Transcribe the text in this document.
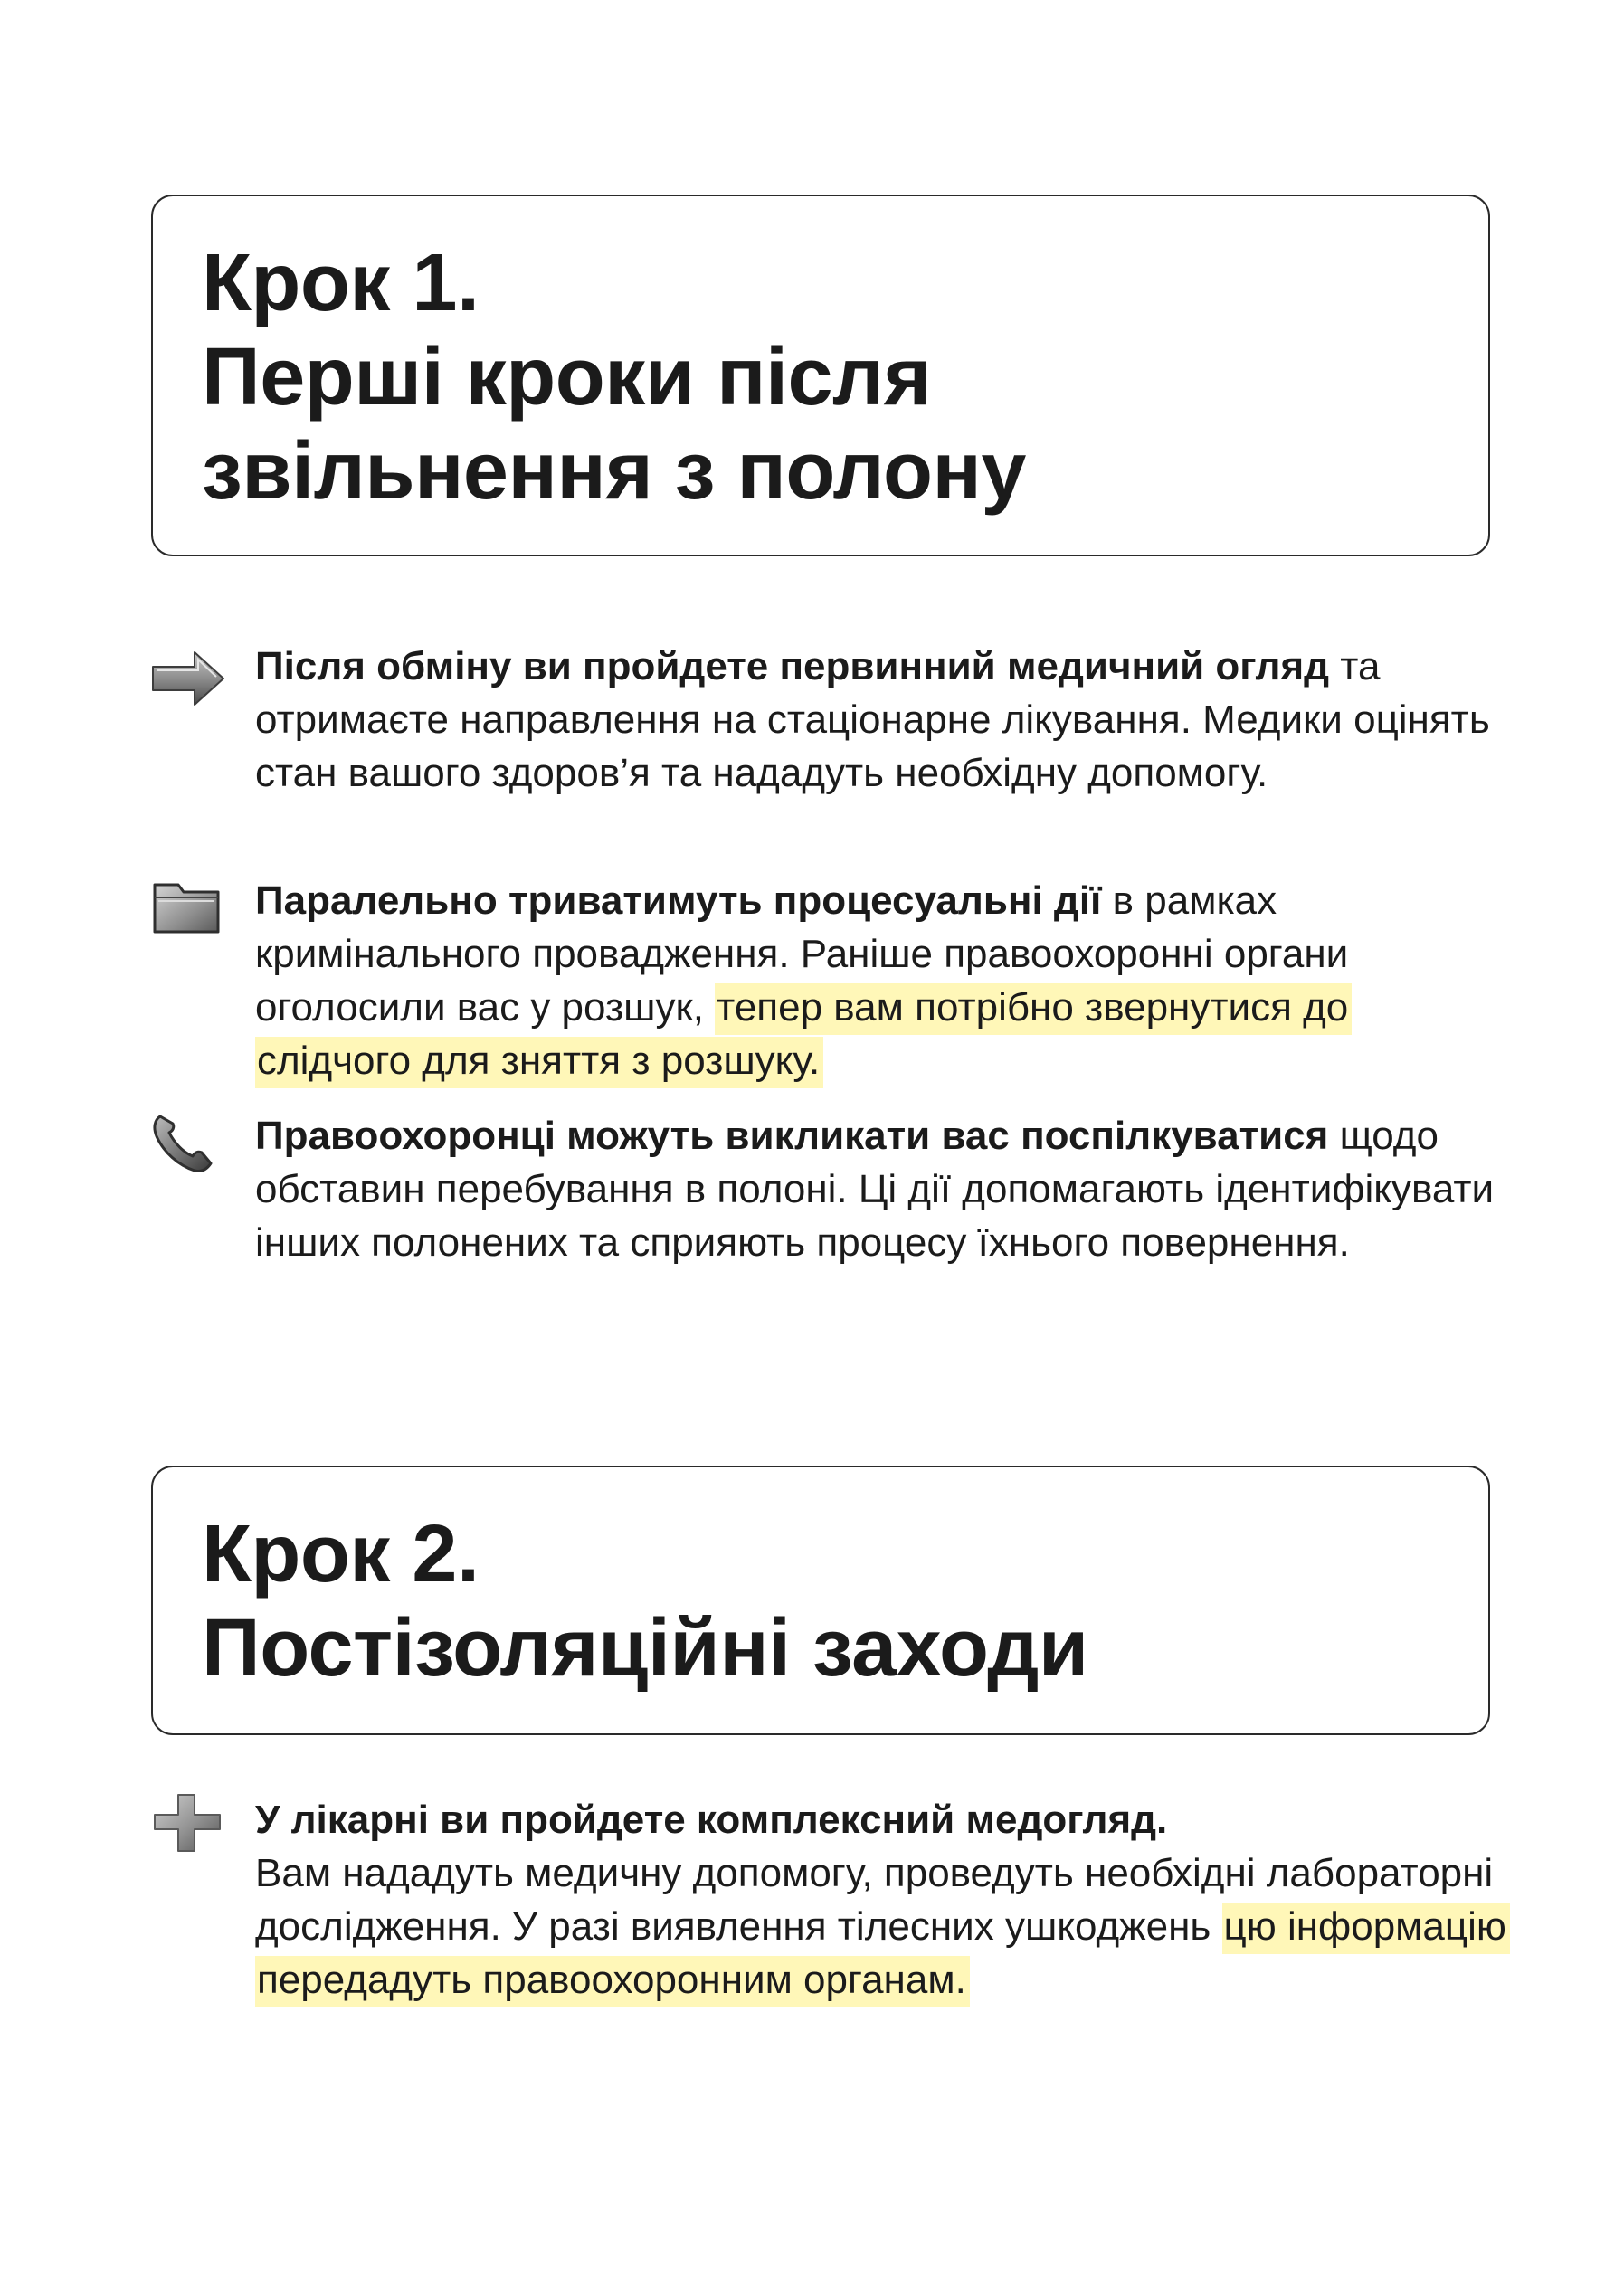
Крок 1.
Перші кроки після
звільнення з полону
Після обміну ви пройдете первинний медичний огляд та отримаєте направлення на стаціонарне лікування. Медики оцінять стан вашого здоров’я та нададуть необхідну допомогу.
Паралельно триватимуть процесуальні дії в рамках кримінального провадження. Раніше правоохоронні органи оголосили вас у розшук, тепер вам потрібно звернутися до слідчого для зняття з розшуку.
Правоохоронці можуть викликати вас поспілкуватися щодо обставин перебування в полоні. Ці дії допомагають ідентифікувати інших полонених та сприяють процесу їхнього повернення.
Крок 2.
Постізоляційні заходи
У лікарні ви пройдете комплексний медогляд.
Вам нададуть медичну допомогу, проведуть необхідні лабораторні дослідження. У разі виявлення тілесних ушкоджень цю інформацію передадуть правоохоронним органам.
